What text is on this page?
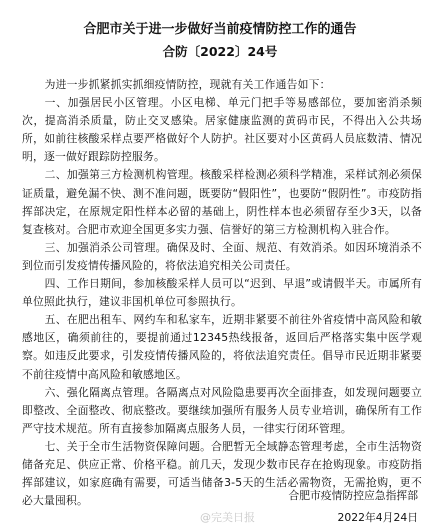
合肥市关于进一步做好当前疫情防控工作的通告
合防〔2022〕24号

为进一步抓紧抓实抓细疫情防控，现就有关工作通告如下：

一、加强居民小区管理。小区电梯、单元门把手等易感部位，要加密消杀频次，提高消杀质量，防止交叉感染。居家健康监测的黄码市民，不得出入公共场所，如前往核酸采样点要严格做好个人防护。社区要对小区黄码人员底数清、情况明，逐一做好跟踪防控服务。

二、加强第三方检测机构管理。核酸采样检测必须科学精准，采样试剂必须保证质量，避免漏不快、测不准问题，既要防“假阳性”，也要防“假阴性”。市疫防指挥部决定，在原规定阳性样本必留的基础上，阴性样本也必须留存至少3天，以备复查核对。合肥市欢迎全国更多实力强、信誉好的第三方检测机构入驻合作。

三、加强消杀公司管理。确保及时、全面、规范、有效消杀。如因环境消杀不到位而引发疫情传播风险的，将依法追究相关公司责任。

四、工作日期间，参加核酸采样人员可以“迟到、早退”或请假半天。市属所有单位照此执行，建议非国机单位可参照执行。

五、在肥出租车、网约车和私家车，近期非紧要不前往外省疫情中高风险和敏感地区，确须前往的，要提前通过12345热线报备，返回后严格落实集中医学观察。如违反此要求，引发疫情传播风险的，将依法追究责任。倡导市民近期非紧要不前往疫情中高风险和敏感地区。

六、强化隔离点管理。各隔离点对风险隐患要再次全面排查，如发现问题要立即整改、全面整改、彻底整改。要继续加强所有服务人员专业培训，确保所有工作严守技术规范。所有直接参加隔离点服务人员，一律实行闭环管理。

七、关于全市生活物资保障问题。合肥暂无全域静态管理考虑，全市生活物资储备充足、供应正常、价格平稳。前几天，发现少数市民存在抢购现象。市疫防指挥部建议，如家庭确有需要，可适当储备3-5天的生活必需物资，无需抢购，更不必大量囤积。	合肥市疫情防控应急指挥部
@完美日报	2022年4月24日
